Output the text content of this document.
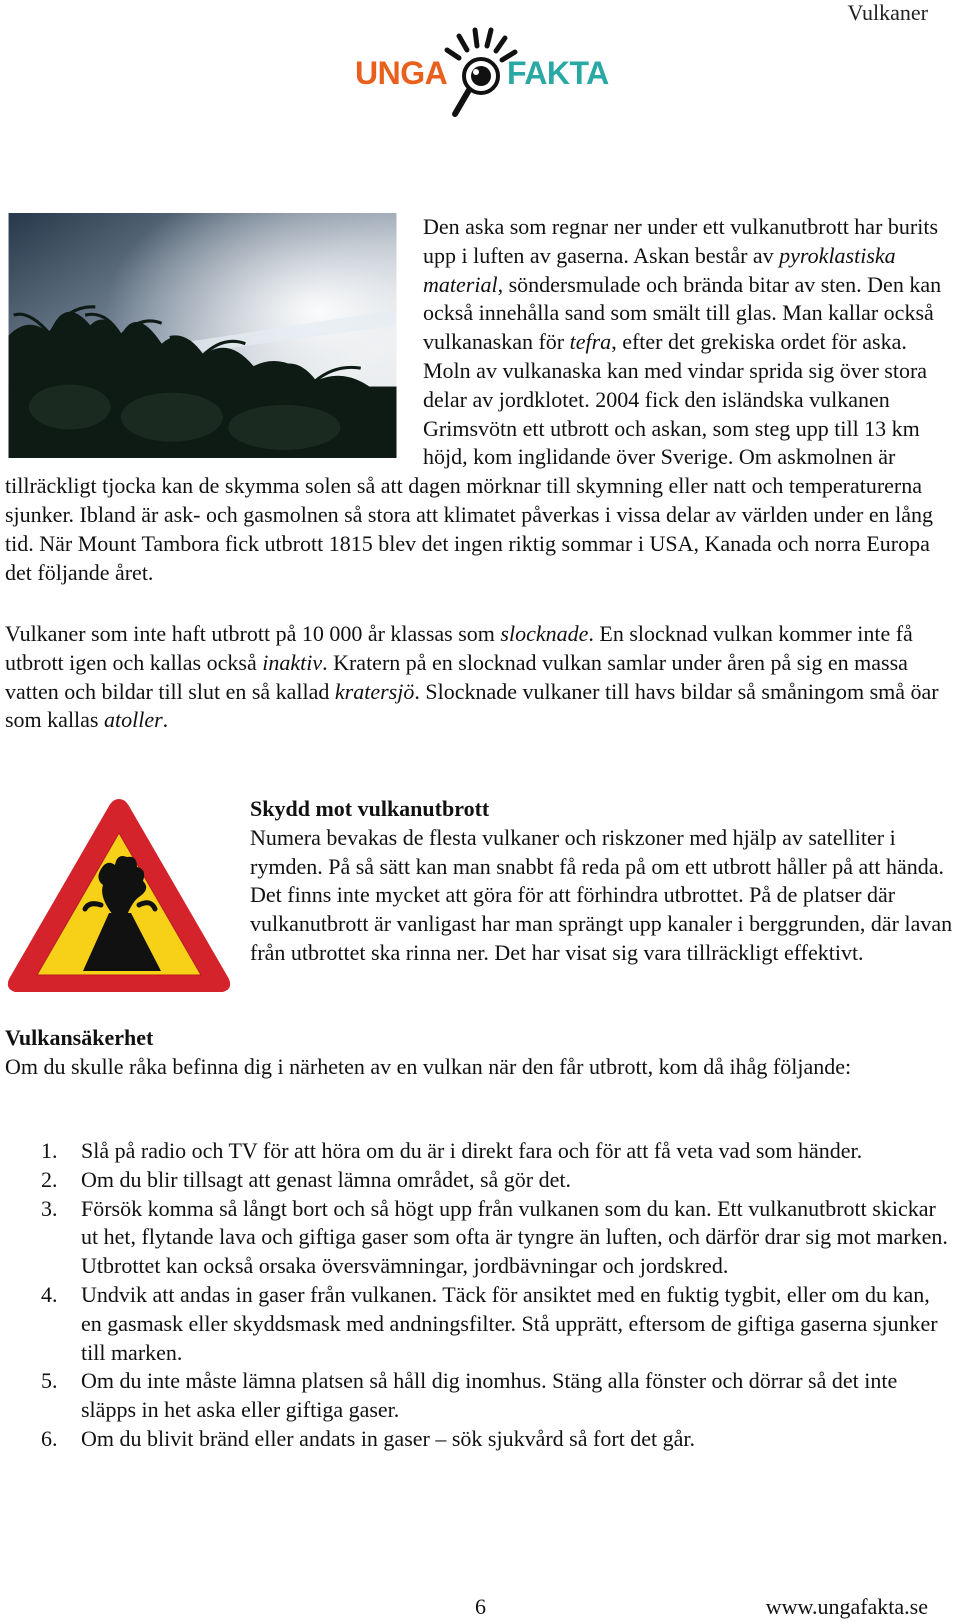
Vulkaner
UNGA FAKTA

Den aska som regnar ner under ett vulkanutbrott har burits upp i luften av gaserna. Askan består av pyroklastiska material, söndersmulade och brända bitar av sten. Den kan också innehålla sand som smält till glas. Man kallar också vulkanaskan för tefra, efter det grekiska ordet för aska. Moln av vulkanaska kan med vindar sprida sig över stora delar av jordklotet. 2004 fick den isländska vulkanen Grimsvötn ett utbrott och askan, som steg upp till 13 km höjd, kom inglidande över Sverige. Om askmolnen är tillräckligt tjocka kan de skymma solen så att dagen mörknar till skymning eller natt och temperaturerna sjunker. Ibland är ask- och gasmolnen så stora att klimatet påverkas i vissa delar av världen under en lång tid. När Mount Tambora fick utbrott 1815 blev det ingen riktig sommar i USA, Kanada och norra Europa det följande året.

Vulkaner som inte haft utbrott på 10 000 år klassas som slocknade. En slocknad vulkan kommer inte få utbrott igen och kallas också inaktiv. Kratern på en slocknad vulkan samlar under åren på sig en massa vatten och bildar till slut en så kallad kratersjö. Slocknade vulkaner till havs bildar så småningom små öar som kallas atoller.

Skydd mot vulkanutbrott

Numera bevakas de flesta vulkaner och riskzoner med hjälp av satelliter i rymden. På så sätt kan man snabbt få reda på om ett utbrott håller på att hända. Det finns inte mycket att göra för att förhindra utbrottet. På de platser där vulkanutbrott är vanligast har man sprängt upp kanaler i berggrunden, där lavan från utbrottet ska rinna ner. Det har visat sig vara tillräckligt effektivt.

Vulkansäkerhet

Om du skulle råka befinna dig i närheten av en vulkan när den får utbrott, kom då ihåg följande:

1. Slå på radio och TV för att höra om du är i direkt fara och för att få veta vad som händer.
2. Om du blir tillsagt att genast lämna området, så gör det.
3. Försök komma så långt bort och så högt upp från vulkanen som du kan. Ett vulkanutbrott skickar ut het, flytande lava och giftiga gaser som ofta är tyngre än luften, och därför drar sig mot marken. Utbrottet kan också orsaka översvämningar, jordbävningar och jordskred.
4. Undvik att andas in gaser från vulkanen. Täck för ansiktet med en fuktig tygbit, eller om du kan, en gasmask eller skyddsmask med andningsfilter. Stå upprätt, eftersom de giftiga gaserna sjunker till marken.
5. Om du inte måste lämna platsen så håll dig inomhus. Stäng alla fönster och dörrar så det inte släpps in het aska eller giftiga gaser.
6. Om du blivit bränd eller andats in gaser – sök sjukvård så fort det går.
6	www.ungafakta.se
